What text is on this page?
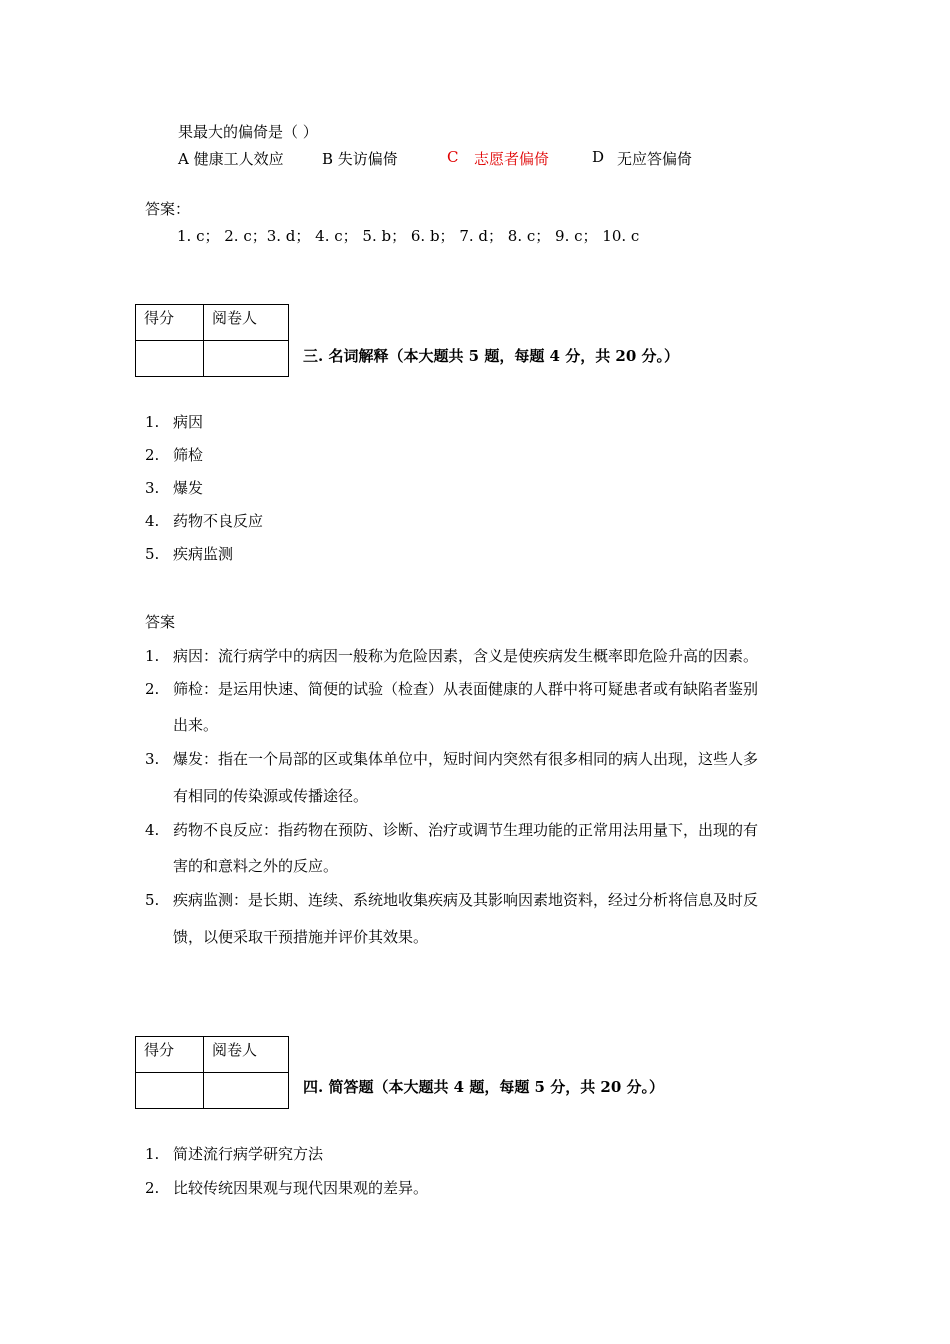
果最大的偏倚是（ ）
A 健康工人效应	B 失访偏倚	C 志愿者偏倚	D 无应答偏倚
答案：
1. c； 2. c；3. d； 4. c； 5. b； 6. b； 7. d； 8. c； 9. c； 10. c
得分	阅卷人

三. 名词解释（本大题共 5 题，每题 4 分，共 20 分。）
1. 病因
2. 筛检
3. 爆发
4. 药物不良反应
5. 疾病监测
答案
1. 病因：流行病学中的病因一般称为危险因素，含义是使疾病发生概率即危险升高的因素。
2. 筛检：是运用快速、简便的试验（检查）从表面健康的人群中将可疑患者或有缺陷者鉴别
出来。
3. 爆发：指在一个局部的区或集体单位中，短时间内突然有很多相同的病人出现，这些人多
有相同的传染源或传播途径。
4. 药物不良反应：指药物在预防、诊断、治疗或调节生理功能的正常用法用量下，出现的有
害的和意料之外的反应。
5. 疾病监测：是长期、连续、系统地收集疾病及其影响因素地资料，经过分析将信息及时反
馈，以便采取干预措施并评价其效果。
得分	阅卷人

四. 简答题（本大题共 4 题，每题 5 分，共 20 分。）
1. 简述流行病学研究方法
2. 比较传统因果观与现代因果观的差异。
